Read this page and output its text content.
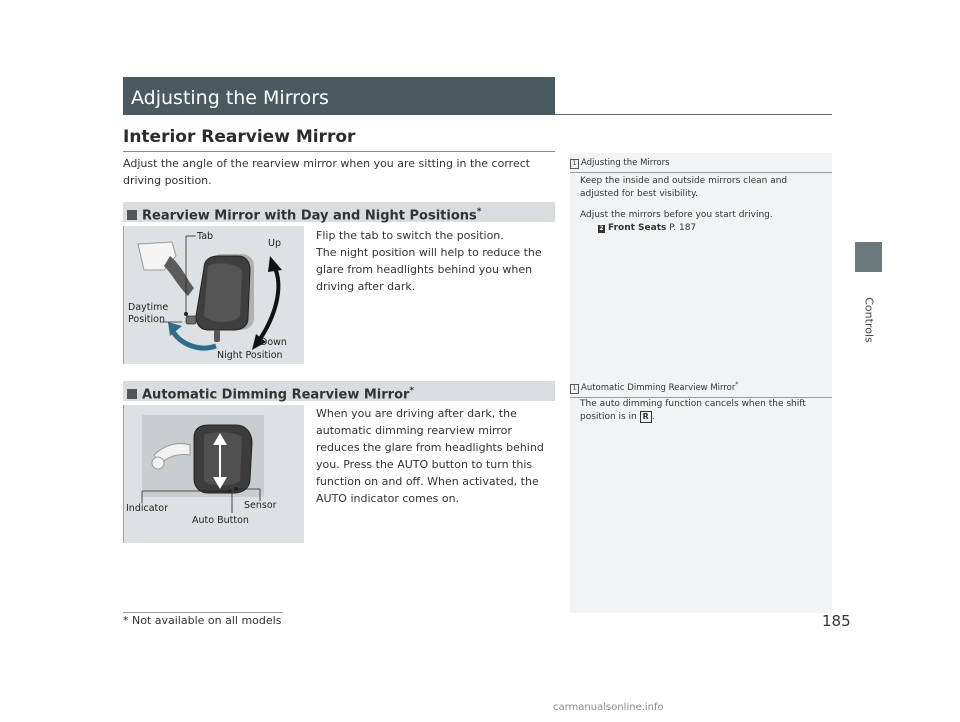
Adjusting the Mirrors
Controls
Interior Rearview Mirror
Adjust the angle of the rearview mirror when you are sitting in the correct driving position.
Rearview Mirror with Day and Night Positions*
Tab
Up
Daytime
Position
Down
Night Position
Flip the tab to switch the position.
The night position will help to reduce the glare from headlights behind you when driving after dark.
Automatic Dimming Rearview Mirror*
Indicator	Sensor
Auto Button
When you are driving after dark, the automatic dimming rearview mirror reduces the glare from headlights behind you. Press the AUTO button to turn this function on and off. When activated, the AUTO indicator comes on.
1 Adjusting the Mirrors
Keep the inside and outside mirrors clean and adjusted for best visibility.
Adjust the mirrors before you start driving.
2 Front Seats P. 187
1 Automatic Dimming Rearview Mirror*
The auto dimming function cancels when the shift position is in R .
* Not available on all models	185
carmanualsonline.info
